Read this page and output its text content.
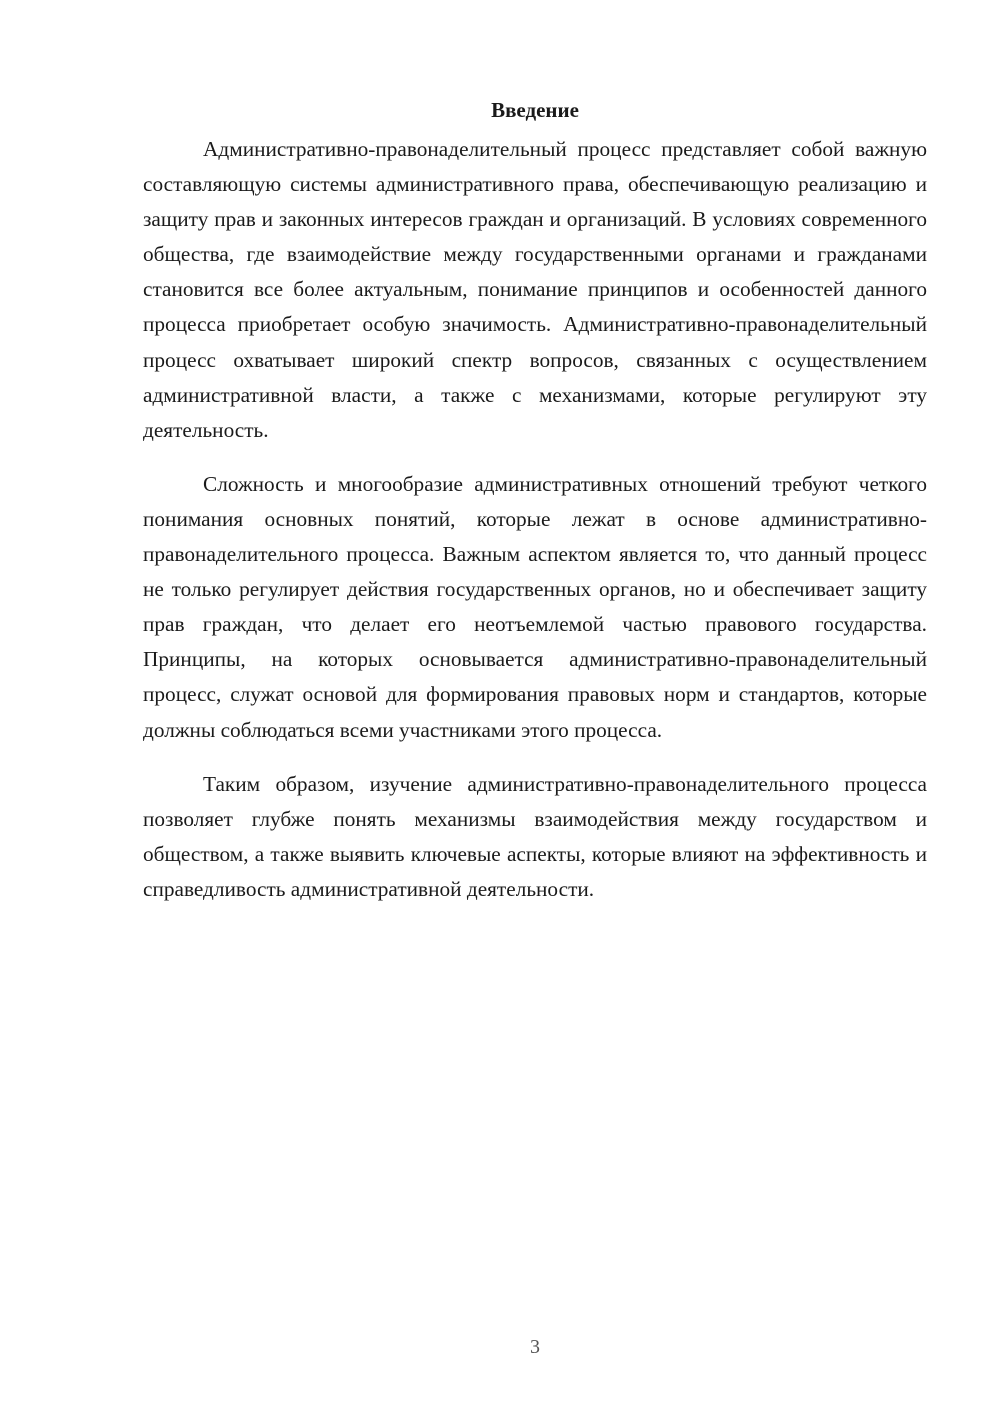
Введение

Административно-правонаделительный процесс представляет собой важную составляющую системы административного права, обеспечивающую реализацию и защиту прав и законных интересов граждан и организаций. В условиях современного общества, где взаимодействие между государственными органами и гражданами становится все более актуальным, понимание принципов и особенностей данного процесса приобретает особую значимость. Административно-правонаделительный процесс охватывает широкий спектр вопросов, связанных с осуществлением административной власти, а также с механизмами, которые регулируют эту деятельность.

Сложность и многообразие административных отношений требуют четкого понимания основных понятий, которые лежат в основе административно-правонаделительного процесса. Важным аспектом является то, что данный процесс не только регулирует действия государственных органов, но и обеспечивает защиту прав граждан, что делает его неотъемлемой частью правового государства. Принципы, на которых основывается административно-правонаделительный процесс, служат основой для формирования правовых норм и стандартов, которые должны соблюдаться всеми участниками этого процесса.

Таким образом, изучение административно-правонаделительного процесса позволяет глубже понять механизмы взаимодействия между государством и обществом, а также выявить ключевые аспекты, которые влияют на эффективность и справедливость административной деятельности.

3
